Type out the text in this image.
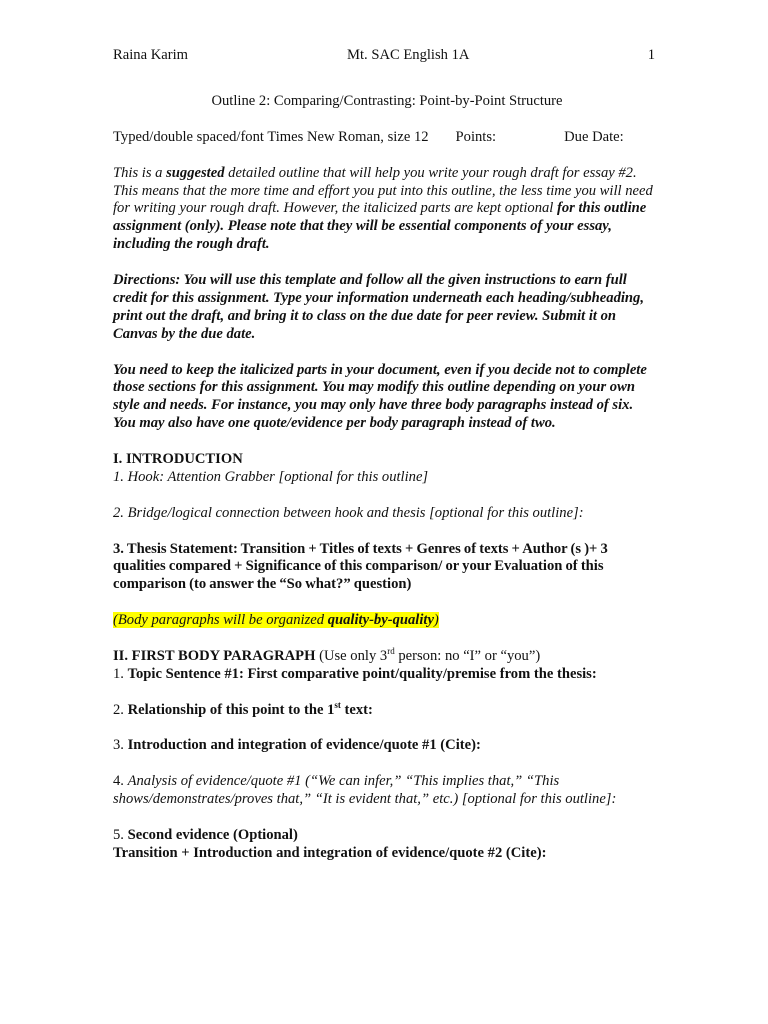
Raina Karim	Mt. SAC English 1A	1

Outline 2: Comparing/Contrasting: Point-by-Point Structure

Typed/double spaced/font Times New Roman, size 12 Points:	Due Date:

This is a suggested detailed outline that will help you write your rough draft for essay #2. This means that the more time and effort you put into this outline, the less time you will need for writing your rough draft. However, the italicized parts are kept optional for this outline assignment (only). Please note that they will be essential components of your essay, including the rough draft.

Directions: You will use this template and follow all the given instructions to earn full credit for this assignment. Type your information underneath each heading/subheading, print out the draft, and bring it to class on the due date for peer review. Submit it on Canvas by the due date.

You need to keep the italicized parts in your document, even if you decide not to complete those sections for this assignment. You may modify this outline depending on your own style and needs. For instance, you may only have three body paragraphs instead of six. You may also have one quote/evidence per body paragraph instead of two.

I. INTRODUCTION

1. Hook: Attention Grabber [optional for this outline]

2. Bridge/logical connection between hook and thesis [optional for this outline]:

3. Thesis Statement: Transition + Titles of texts + Genres of texts + Author (s )+ 3 qualities compared + Significance of this comparison/ or your Evaluation of this comparison (to answer the “So what?” question)

(Body paragraphs will be organized quality-by-quality)

II. FIRST BODY PARAGRAPH (Use only 3rd person: no “I” or “you”)

1. Topic Sentence #1: First comparative point/quality/premise from the thesis:

2. Relationship of this point to the 1st text:

3. Introduction and integration of evidence/quote #1 (Cite):

4. Analysis of evidence/quote #1 (“We can infer,” “This implies that,” “This shows/demonstrates/proves that,” “It is evident that,” etc.) [optional for this outline]:

5. Second evidence (Optional)

Transition + Introduction and integration of evidence/quote #2 (Cite):
